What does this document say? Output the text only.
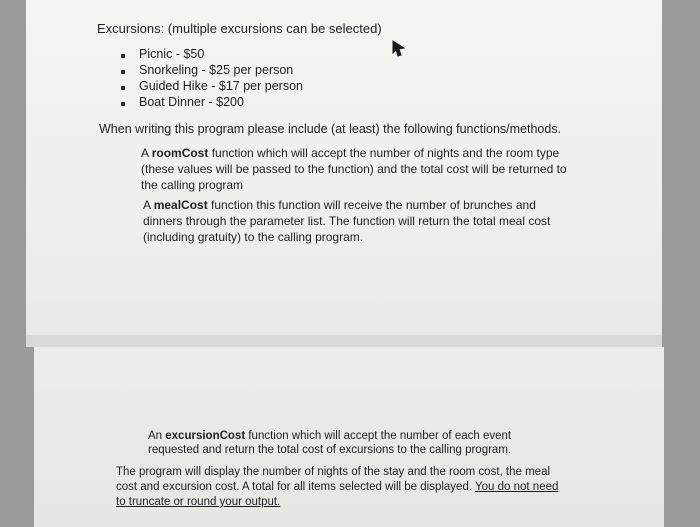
Excursions: (multiple excursions can be selected)
Picnic - $50
Snorkeling - $25 per person
Guided Hike - $17 per person
Boat Dinner - $200
When writing this program please include (at least) the following functions/methods.
A roomCost function which will accept the number of nights and the room type
(these values will be passed to the function) and the total cost will be returned to
the calling program
A mealCost function this function will receive the number of brunches and
dinners through the parameter list. The function will return the total meal cost
(including gratuity) to the calling program.
An excursionCost function which will accept the number of each event
requested and return the total cost of excursions to the calling program.
The program will display the number of nights of the stay and the room cost, the meal
cost and excursion cost. A total for all items selected will be displayed. You do not need
to truncate or round your output.
